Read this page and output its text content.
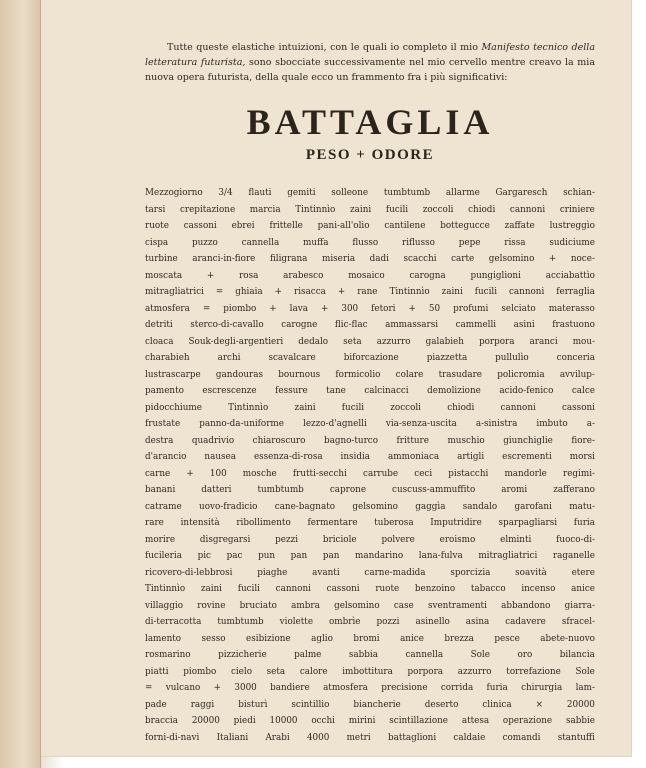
Tutte queste elastiche intuizioni, con le quali io completo il mio Manifesto tecnico della letteratura futurista, sono sbocciate successivamente nel mio cervello mentre creavo la mia nuova opera futurista, della quale ecco un frammento fra i più significativi:

BATTAGLIA
PESO + ODORE
Mezzogiorno 3/4 flauti gemiti solleone tumbtumb allarme Gargaresch schian-
tarsi crepitazione marcia Tintinnìo zaini fucili zoccoli chiodi cannoni criniere
ruote cassoni ebrei frittelle pani-all'olio cantilene bottegucce zaffate lustreggìo
cispa	puzzo	cannella	muffa	flusso	riflusso	pepe	rissa	sudiciume
turbine aranci-in-fiore filigrana miseria dadi scacchi carte gelsomino + noce-
moscata	+	rosa	arabesco	mosaico	carogna	pungiglioni	acciabattìo
mitragliatrici = ghiaia + risacca + rane Tintinnìo zaini fucili cannoni ferraglia
atmosfera = piombo + lava + 300 fetori + 50 profumi selciato materasso
detriti sterco-di-cavallo carogne flic-flac ammassarsi cammelli asini frastuono
cloaca Souk-degli-argentieri dedalo seta azzurro galabieh porpora aranci mou-
charabieh	archi	scavalcare	biforcazione	piazzetta	pullulìo	conceria
lustrascarpe gandouras bournous formicolio colare trasudare policromia avvilup-
pamento escrescenze fessure tane calcinacci demolizione acido-fenico calce
pidocchiume	Tintinnìo	zaini	fucili	zoccoli	chiodi	cannoni	cassoni
frustate panno-da-uniforme lezzo-d'agnelli via-senza-uscita a-sinistra imbuto a-
destra quadrivio chiaroscuro bagno-turco fritture muschio giunchiglie fiore-
d'arancio nausea essenza-di-rosa insidia ammoniaca artigli escrementi morsi
carne + 100 mosche frutti-secchi carrube ceci pistacchi mandorle regimi-
banani	datteri	tumbtumb	caprone	cuscuss-ammuffito	aromi	zafferano
catrame uovo-fradicio cane-bagnato gelsomino gaggìa sandalo garofani matu-
rare intensità ribollimento fermentare tuberosa Imputridire sparpagliarsi furia
morire	disgregarsi	pezzi	briciole	polvere	eroismo	elminti	fuoco-di-
fucileria pic pac pun pan pan mandarino lana-fulva mitragliatrici raganelle
ricovero-di-lebbrosi	piaghe	avanti	carne-madida	sporcizia	soavità	etere
Tintinnìo zaini fucili cannoni cassoni ruote benzoino tabacco incenso anice
villaggio rovine bruciato ambra gelsomino case sventramenti abbandono giarra-
di-terracotta tumbtumb violette ombrìe pozzi asinello asina cadavere sfracel-
lamento sesso esibizione aglio bromi anice brezza pesce abete-nuovo
rosmarino	pizzicherie	palme	sabbia	cannella	Sole	oro	bilancia
piatti piombo cielo seta calore imbottitura porpora azzurro torrefazione Sole
= vulcano + 3000 bandiere atmosfera precisione corrida furia chirurgia lam-
pade	raggi	bisturì	scintillio	biancherie	deserto	clinica	×	20000
braccia 20000 piedi 10000 occhi mirini scintillazione attesa operazione sabbie
forni-di-navi Italiani Arabi 4000 metri battaglioni caldaie comandi stantuffi
